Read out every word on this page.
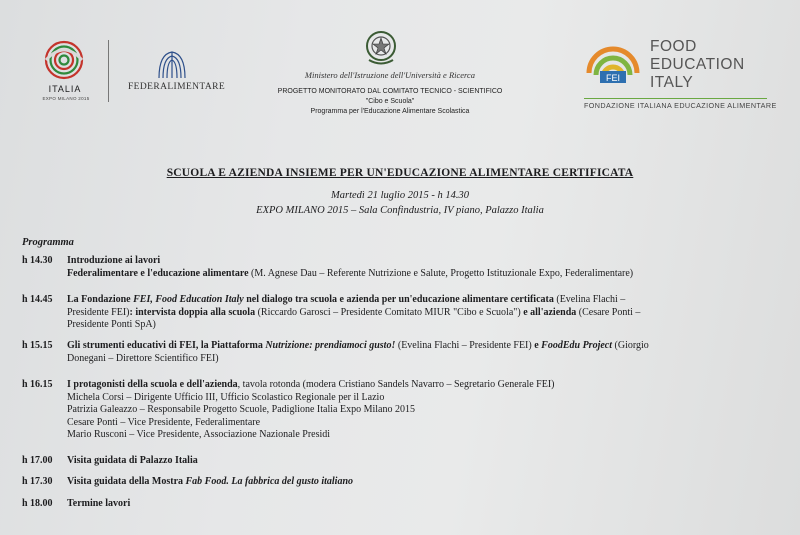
ITALIA
EXPO MILANO 2015
FEDERALIMENTARE
Ministero dell'Istruzione dell'Università e Ricerca
PROGETTO MONITORATO DAL COMITATO TECNICO - SCIENTIFICO
"Cibo e Scuola"
Programma per l'Educazione Alimentare Scolastica
FEI
FOOD
EDUCATION
ITALY
FONDAZIONE ITALIANA EDUCAZIONE ALIMENTARE
SCUOLA E AZIENDA INSIEME PER UN'EDUCAZIONE ALIMENTARE CERTIFICATA
Martedì 21 luglio 2015 - h 14.30
EXPO MILANO 2015 – Sala Confindustria, IV piano, Palazzo Italia
Programma
h 14.30	Introduzione ai lavori
Federalimentare e l'educazione alimentare (M. Agnese Dau – Referente Nutrizione e Salute, Progetto Istituzionale Expo, Federalimentare)
h 14.45	La Fondazione FEI, Food Education Italy nel dialogo tra scuola e azienda per un'educazione alimentare certificata (Evelina Flachi –
Presidente FEI): intervista doppia alla scuola (Riccardo Garosci – Presidente Comitato MIUR "Cibo e Scuola") e all'azienda (Cesare Ponti –
Presidente Ponti SpA)
h 15.15	Gli strumenti educativi di FEI, la Piattaforma Nutrizione: prendiamoci gusto! (Evelina Flachi – Presidente FEI) e FoodEdu Project (Giorgio
Donegani – Direttore Scientifico FEI)
h 16.15	I protagonisti della scuola e dell'azienda, tavola rotonda (modera Cristiano Sandels Navarro – Segretario Generale FEI)
Michela Corsi – Dirigente Ufficio III, Ufficio Scolastico Regionale per il Lazio
Patrizia Galeazzo – Responsabile Progetto Scuole, Padiglione Italia Expo Milano 2015
Cesare Ponti – Vice Presidente, Federalimentare
Mario Rusconi – Vice Presidente, Associazione Nazionale Presidi
h 17.00	Visita guidata di Palazzo Italia
h 17.30	Visita guidata della Mostra Fab Food. La fabbrica del gusto italiano
h 18.00	Termine lavori
